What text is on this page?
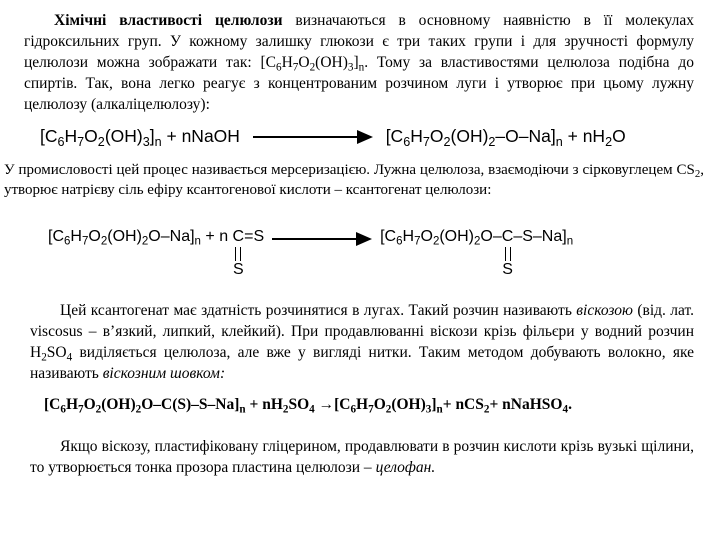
Хімічні властивості целюлози визначаються в основному наявністю в її молекулах гідроксильних груп. У кожному залишку глюкози є три таких групи і для зручності формулу целюлози можна зображати так: $[C_6H_7O_2(OH)_3]_n$. Тому за властивостями целюлоза подібна до спиртів. Так, вона легко реагує з концентрованим розчином луги і утворює при цьому лужну целюлозу (алкаліцелюлозу):
$[C_6H_7O_2(OH)_3]_n$ + nNaOH	$[C_6H_7O_2(OH)_2-O-Na]_n + nH_2O$
У промисловості цей процес називається мерсеризацією. Лужна целюлоза, взаємодіючи з сірковуглецем $CS_2$, утворює натрієву сіль ефіру ксантогенової кислоти – ксантогенат целюлози:
$[C_6H_7O_2(OH)_2O-Na]_n + n$ C
S
=S	[$C_6H_7O_2(OH)_2O-$ C
S
$-S-Na]_n$
Цей ксантогенат має здатність розчинятися в лугах. Такий розчин називають віскозою (від. лат. viscosus – в’язкий, липкий, клейкий). При продавлюванні віскози крізь фільєри у водний розчин $H_2SO_4$ виділяється целюлоза, але вже у вигляді нитки. Таким методом добувають волокно, яке називають віскозним шовком:
$[C_6H_7O_2(OH)_2O-C(S)-S-Na]_n + nH_2SO_4 \to[C_6H_7O_2(OH)_3]_n+ nCS_2+$ nNaHSO$_4$.
Якщо віскозу, пластифіковану гліцерином, продавлювати в розчин кислоти крізь вузькі щілини, то утворюється тонка прозора пластина целюлози – целофан.
